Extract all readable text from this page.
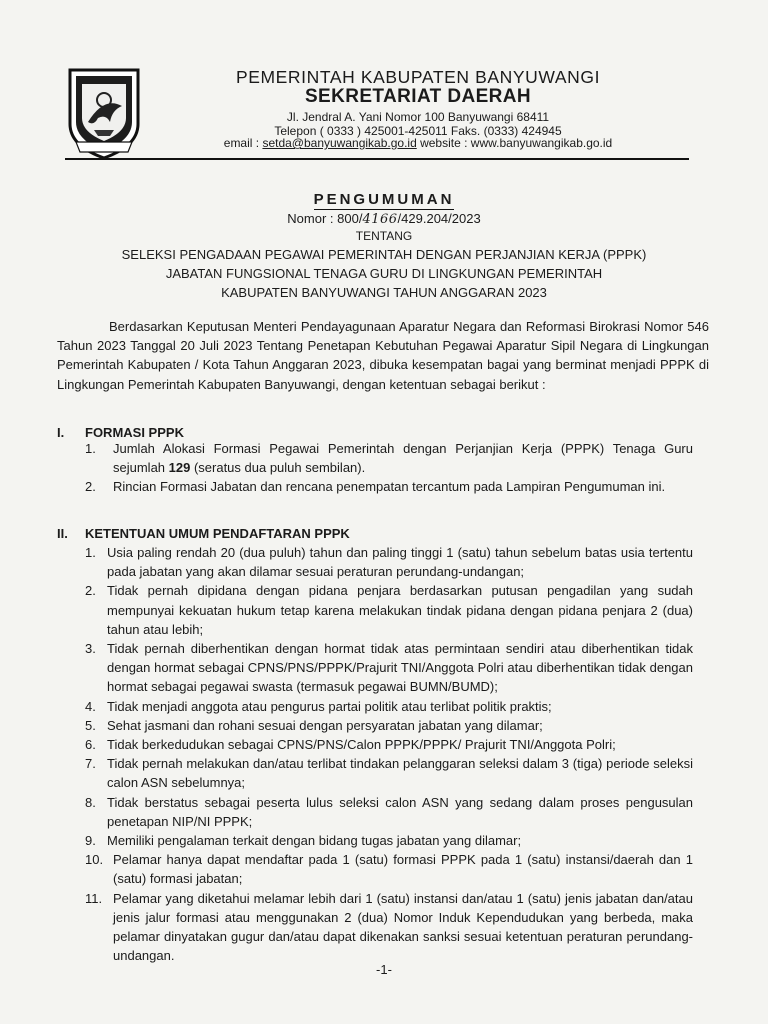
PEMERINTAH KABUPATEN BANYUWANGI
SEKRETARIAT DAERAH
Jl. Jendral A. Yani Nomor 100 Banyuwangi 68411
Telepon ( 0333 ) 425001-425011 Faks. (0333) 424945
email : setda@banyuwangikab.go.id website : www.banyuwangikab.go.id
PENGUMUMAN
Nomor : 800/4166/429.204/2023
TENTANG
SELEKSI PENGADAAN PEGAWAI PEMERINTAH DENGAN PERJANJIAN KERJA (PPPK)
JABATAN FUNGSIONAL TENAGA GURU DI LINGKUNGAN PEMERINTAH
KABUPATEN BANYUWANGI TAHUN ANGGARAN 2023

Berdasarkan Keputusan Menteri Pendayagunaan Aparatur Negara dan Reformasi Birokrasi Nomor 546 Tahun 2023 Tanggal 20 Juli 2023 Tentang Penetapan Kebutuhan Pegawai Aparatur Sipil Negara di Lingkungan Pemerintah Kabupaten / Kota Tahun Anggaran 2023, dibuka kesempatan bagai yang berminat menjadi PPPK di Lingkungan Pemerintah Kabupaten Banyuwangi, dengan ketentuan sebagai berikut :

I. FORMASI PPPK
1.	Jumlah Alokasi Formasi Pegawai Pemerintah dengan Perjanjian Kerja (PPPK) Tenaga Guru sejumlah 129 (seratus dua puluh sembilan).
2.	Rincian Formasi Jabatan dan rencana penempatan tercantum pada Lampiran Pengumuman ini.
II. KETENTUAN UMUM PENDAFTARAN PPPK
1. Usia paling rendah 20 (dua puluh) tahun dan paling tinggi 1 (satu) tahun sebelum batas usia tertentu pada jabatan yang akan dilamar sesuai peraturan perundang-undangan;
2. Tidak pernah dipidana dengan pidana penjara berdasarkan putusan pengadilan yang sudah mempunyai kekuatan hukum tetap karena melakukan tindak pidana dengan pidana penjara 2 (dua) tahun atau lebih;
3. Tidak pernah diberhentikan dengan hormat tidak atas permintaan sendiri atau diberhentikan tidak dengan hormat sebagai CPNS/PNS/PPPK/Prajurit TNI/Anggota Polri atau diberhentikan tidak dengan hormat sebagai pegawai swasta (termasuk pegawai BUMN/BUMD);
4. Tidak menjadi anggota atau pengurus partai politik atau terlibat politik praktis;
5. Sehat jasmani dan rohani sesuai dengan persyaratan jabatan yang dilamar;
6. Tidak berkedudukan sebagai CPNS/PNS/Calon PPPK/PPPK/ Prajurit TNI/Anggota Polri;
7. Tidak pernah melakukan dan/atau terlibat tindakan pelanggaran seleksi dalam 3 (tiga) periode seleksi calon ASN sebelumnya;
8. Tidak berstatus sebagai peserta lulus seleksi calon ASN yang sedang dalam proses pengusulan penetapan NIP/NI PPPK;
9. Memiliki pengalaman terkait dengan bidang tugas jabatan yang dilamar;
10. Pelamar hanya dapat mendaftar pada 1 (satu) formasi PPPK pada 1 (satu) instansi/daerah dan 1 (satu) formasi jabatan;
11. Pelamar yang diketahui melamar lebih dari 1 (satu) instansi dan/atau 1 (satu) jenis jabatan dan/atau jenis jalur formasi atau menggunakan 2 (dua) Nomor Induk Kependudukan yang berbeda, maka pelamar dinyatakan gugur dan/atau dapat dikenakan sanksi sesuai ketentuan peraturan perundang-undangan.
-1-
